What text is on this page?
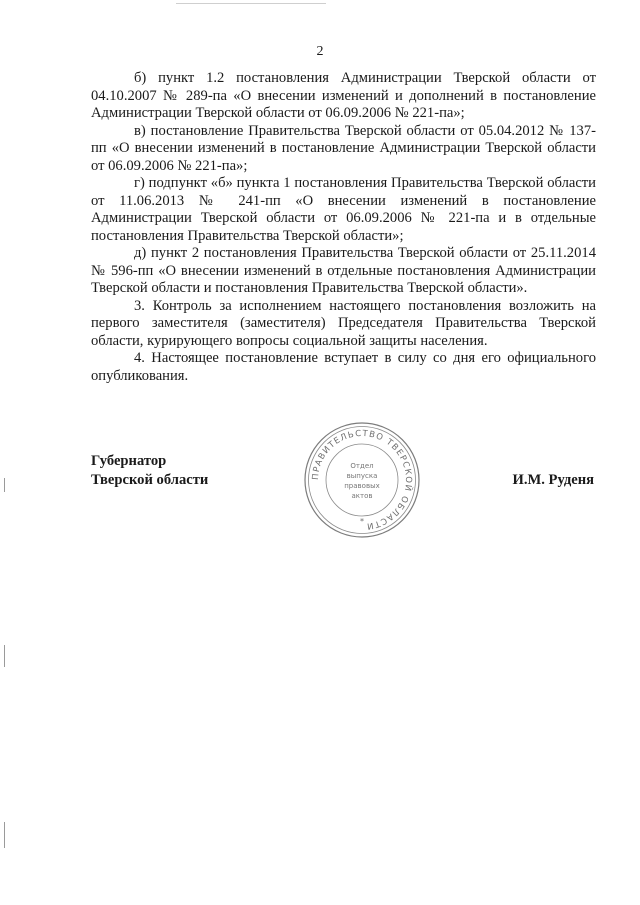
2

б) пункт 1.2 постановления Администрации Тверской области от 04.10.2007 № 289-па «О внесении изменений и дополнений в постановление Администрации Тверской области от 06.09.2006 № 221-па»;

в) постановление Правительства Тверской области от 05.04.2012 № 137-пп «О внесении изменений в постановление Администрации Тверской области от 06.09.2006 № 221-па»;

г) подпункт «б» пункта 1 постановления Правительства Тверской области от 11.06.2013 № 241-пп «О внесении изменений в постановление Администрации Тверской области от 06.09.2006 № 221-па и в отдельные постановления Правительства Тверской области»;

д) пункт 2 постановления Правительства Тверской области от 25.11.2014 № 596-пп «О внесении изменений в отдельные постановления Администрации Тверской области и постановления Правительства Тверской области».

3. Контроль за исполнением настоящего постановления возложить на первого заместителя (заместителя) Председателя Правительства Тверской области, курирующего вопросы социальной защиты населения.

4. Настоящее постановление вступает в силу со дня его официального опубликования.

Губернатор
Тверской области	И.М. Руденя
ПРАВИТЕЛЬСТВО ТВЕРСКОЙ ОБЛАСТИ
Отдел
выпуска
правовых
актов
*
